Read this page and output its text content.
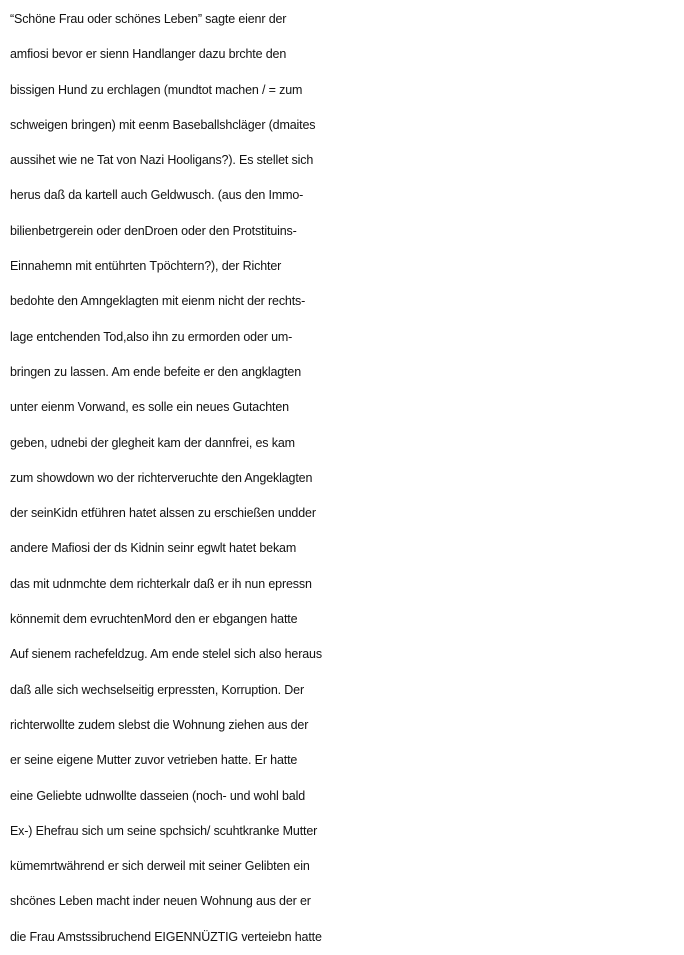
“Schöne Frau oder schönes Leben” sagte eienr der
amfiosi bevor er sienn Handlanger dazu brchte den
bissigen Hund zu erchlagen (mundtot machen / = zum
schweigen bringen) mit eenm Baseballshcläger (dmaites
aussihet wie ne Tat von Nazi Hooligans?). Es stellet sich
herus daß da kartell auch Geldwusch. (aus den Immo-
bilienbetrgerein oder denDroen oder den Protstituins-
Einnahemn mit entührten Tpöchtern?), der Richter
bedohte den Amngeklagten mit eienm nicht der rechts-
lage entchenden Tod,also ihn zu ermorden oder um-
bringen zu lassen. Am ende befeite er den angklagten
unter eienm Vorwand, es solle ein neues Gutachten
geben, udnebi der glegheit kam der dannfrei, es kam
zum showdown wo der richterveruchte den Angeklagten
der seinKidn etführen hatet alssen zu erschießen undder
andere Mafiosi der ds Kidnin seinr egwlt hatet bekam
das mit udnmchte dem richterkalr daß er ih nun epressn
könnemit dem evruchtenMord den er ebgangen hatte
Auf sienem rachefeldzug. Am ende stelel sich also heraus
daß alle sich wechselseitig erpressten, Korruption. Der
richterwollte zudem slebst die Wohnung ziehen aus der
er seine eigene Mutter zuvor vetrieben hatte. Er hatte
eine Geliebte udnwollte dasseien (noch- und wohl bald
Ex-) Ehefrau sich um seine spchsich/ scuhtkranke Mutter
kümemrtwährend er sich derweil mit seiner Gelibten ein
shcönes Leben macht inder neuen Wohnung aus der er
die Frau Amstssibruchend EIGENNÜZTIG verteiebn hatte
